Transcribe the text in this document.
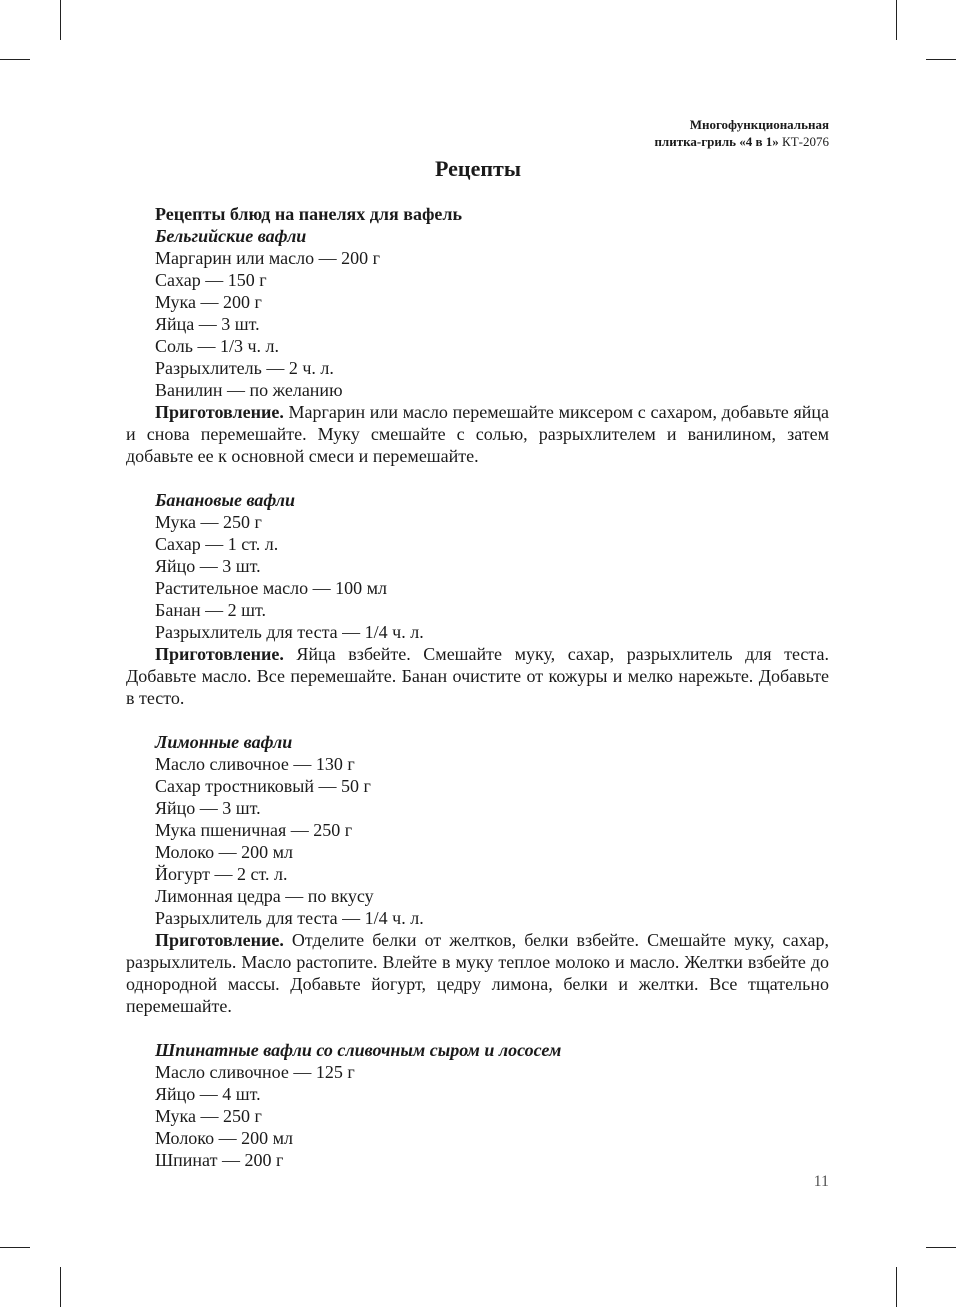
Многофункциональная
плитка-гриль «4 в 1» КТ-2076
Рецепты

Рецепты блюд на панелях для вафель

Бельгийские вафли

Маргарин или масло — 200 г

Сахар — 150 г

Мука — 200 г

Яйца — 3 шт.

Соль — 1/3 ч. л.

Разрыхлитель — 2 ч. л.

Ванилин — по желанию

Приготовление. Маргарин или масло перемешайте миксером с сахаром, добавьте яйца и снова перемешайте. Муку смешайте с солью, разрыхлителем и ванилином, затем добавьте ее к основной смеси и перемешайте.

Банановые вафли

Мука — 250 г

Сахар — 1 ст. л.

Яйцо — 3 шт.

Растительное масло — 100 мл

Банан — 2 шт.

Разрыхлитель для теста — 1/4 ч. л.

Приготовление. Яйца взбейте. Смешайте муку, сахар, разрыхлитель для теста. Добавьте масло. Все перемешайте. Банан очистите от кожуры и мелко нарежьте. Добавьте в тесто.

Лимонные вафли

Масло сливочное — 130 г

Сахар тростниковый — 50 г

Яйцо — 3 шт.

Мука пшеничная — 250 г

Молоко — 200 мл

Йогурт — 2 ст. л.

Лимонная цедра — по вкусу

Разрыхлитель для теста — 1/4 ч. л.

Приготовление. Отделите белки от желтков, белки взбейте. Смешайте муку, сахар, разрыхлитель. Масло растопите. Влейте в муку теплое молоко и масло. Желтки взбейте до однородной массы. Добавьте йогурт, цедру лимона, белки и желтки. Все тщательно перемешайте.

Шпинатные вафли со сливочным сыром и лососем

Масло сливочное — 125 г

Яйцо — 4 шт.

Мука — 250 г

Молоко — 200 мл

Шпинат — 200 г

11
